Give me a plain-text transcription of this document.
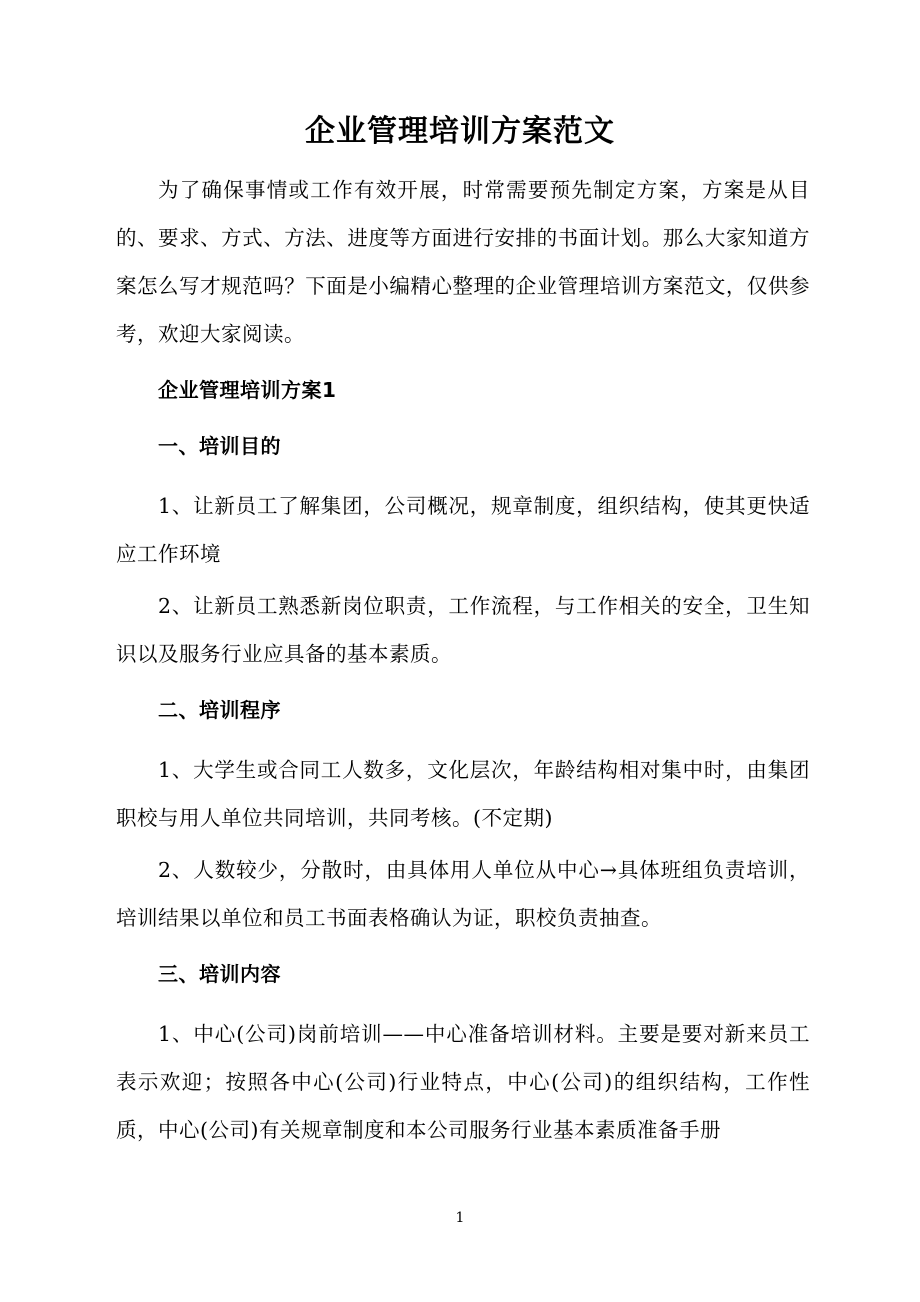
企业管理培训方案范文

为了确保事情或工作有效开展，时常需要预先制定方案，方案是从目的、要求、方式、方法、进度等方面进行安排的书面计划。那么大家知道方案怎么写才规范吗？下面是小编精心整理的企业管理培训方案范文，仅供参考，欢迎大家阅读。

企业管理培训方案1
一、培训目的

1、让新员工了解集团，公司概况，规章制度，组织结构，使其更快适应工作环境

2、让新员工熟悉新岗位职责，工作流程，与工作相关的安全，卫生知识以及服务行业应具备的基本素质。

二、培训程序

1、大学生或合同工人数多，文化层次，年龄结构相对集中时，由集团职校与用人单位共同培训，共同考核。(不定期)

2、人数较少，分散时，由具体用人单位从中心→具体班组负责培训，培训结果以单位和员工书面表格确认为证，职校负责抽查。

三、培训内容

1、中心(公司)岗前培训——中心准备培训材料。主要是要对新来员工表示欢迎；按照各中心(公司)行业特点，中心(公司)的组织结构，工作性质，中心(公司)有关规章制度和本公司服务行业基本素质准备手册

1
